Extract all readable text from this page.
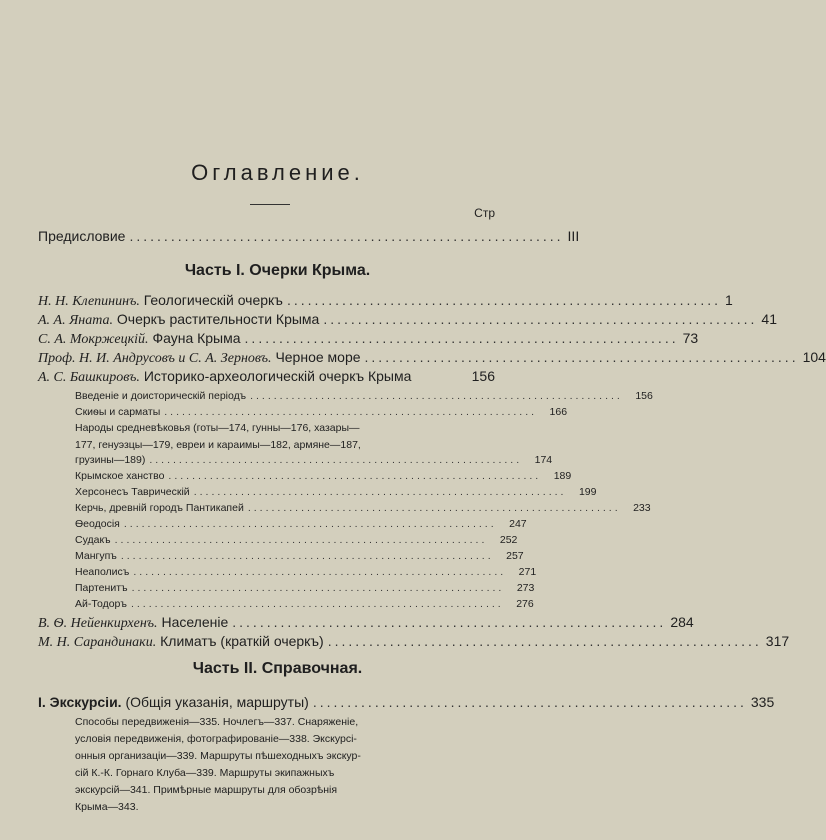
Оглавление.
Стр
Предисловие ............................................................... III
Часть I. Очерки Крыма.
Н. Н. Клепининъ. Геологическій очеркъ ............................................................... 1
А. А. Яната. Очеркъ растительности Крыма ............................................................... 41
С. А. Мокржецкій. Фауна Крыма ............................................................... 73
Проф. Н. И. Андрусовъ и С. А. Зерновъ. Черное море ............................................................... 104
А. С. Башкировъ. Историко-археологическій очеркъ Крыма	156
Введеніе и доисторическій періодъ ...............................................................	156
Скиѳы и сарматы ...............................................................	166
Народы средневѣковья (готы—174, гунны—176, хазары—
177, генуэзцы—179, евреи и караимы—182, армяне—187,
грузины—189) ...............................................................	174
Крымское ханство ...............................................................	189
Херсонесъ Таврическій ...............................................................	199
Керчь, древній городъ Пантикапей ...............................................................	233
Ѳеодосія ...............................................................	247
Судакъ ...............................................................	252
Мангупъ ...............................................................	257
Неаполисъ ...............................................................	271
Партенитъ ...............................................................	273
Ай-Тодоръ ...............................................................	276
В. Ѳ. Нейенкирхенъ. Населеніе ............................................................... 284
М. Н. Сарандинаки. Климатъ (краткій очеркъ) ............................................................... 317
Часть II. Справочная.
I. Экскурсіи. (Общія указанія, маршруты) ............................................................... 335
Способы передвиженія—335. Ночлегъ—337. Снаряженіе,
условія передвиженія, фотографированіе—338. Экскурсі-
онныя организаціи—339. Маршруты пѣшеходныхъ экскур-
сій К.-К. Горнаго Клуба—339. Маршруты экипажныхъ
экскурсій—341. Примѣрные маршруты для обозрѣнія
Крыма—343.
